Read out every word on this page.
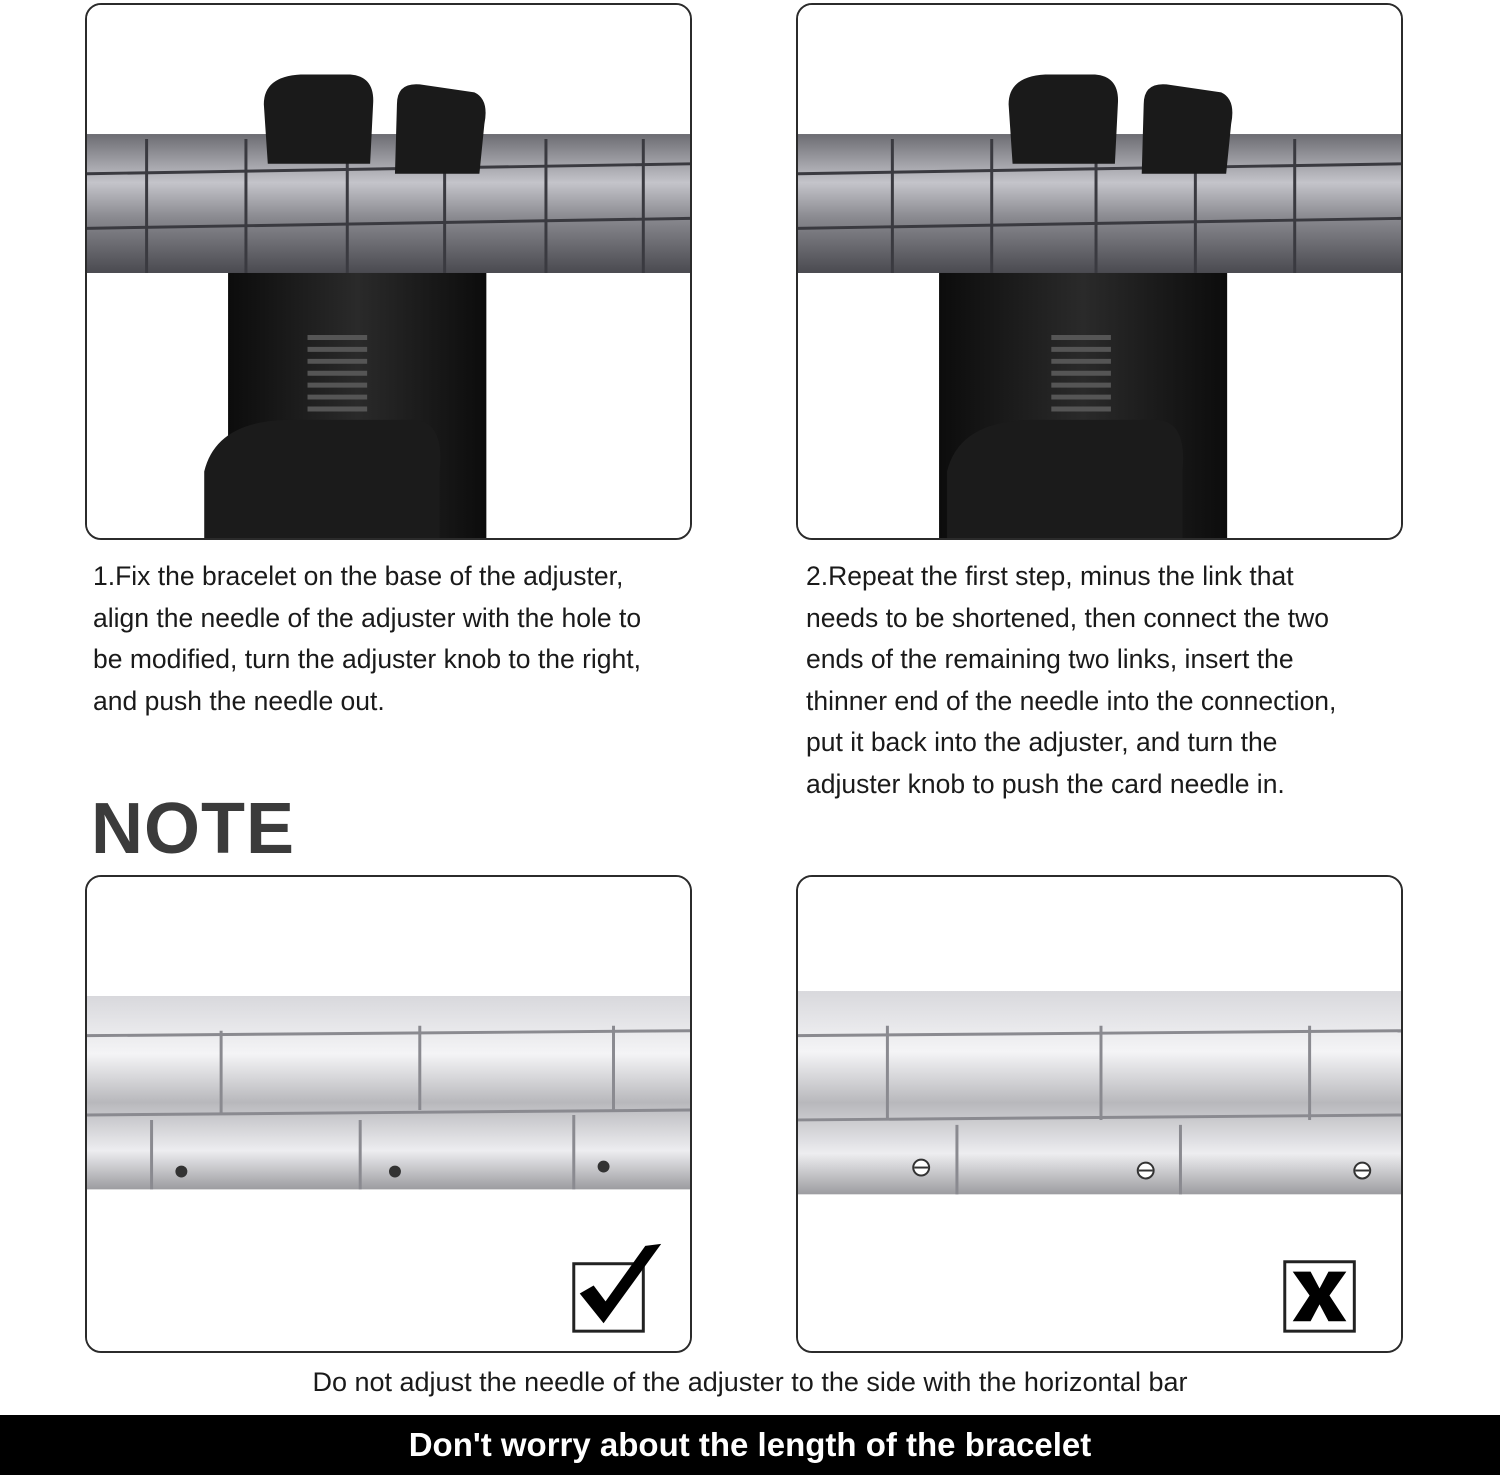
1.Fix the bracelet on the base of the adjuster,
align the needle of the adjuster with the hole to
be modified, turn the adjuster knob to the right,
and push the needle out.
2.Repeat the first step, minus the link that
needs to be shortened, then connect the two
ends of the remaining two links, insert the
thinner end of the needle into the connection,
put it back into the adjuster, and turn the
adjuster knob to push the card needle in.
NOTE
Do not adjust the needle of the adjuster to the side with the horizontal bar
Don't worry about the length of the bracelet
